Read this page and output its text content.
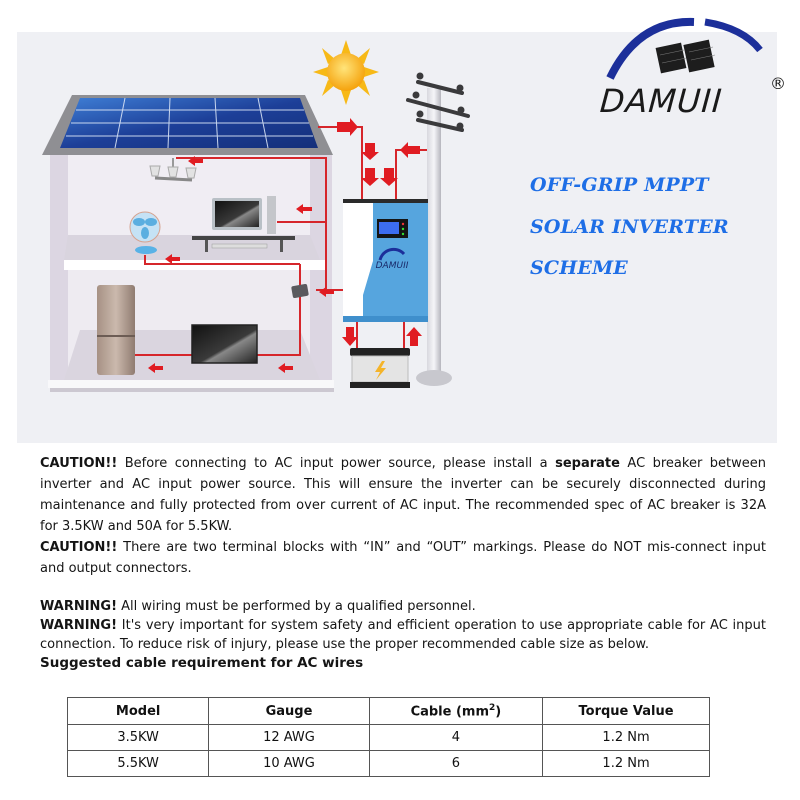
DAMUII
DAMUII	®
OFF-GRIP MPPT
SOLAR INVERTER
SCHEME

CAUTION!! Before connecting to AC input power source, please install a separate AC breaker between inverter and AC input power source. This will ensure the inverter can be securely disconnected during maintenance and fully protected from over current of AC input. The recommended spec of AC breaker is 32A for 3.5KW and 50A for 5.5KW.

CAUTION!! There are two terminal blocks with “IN” and “OUT” markings. Please do NOT mis-connect input and output connectors.

WARNING! All wiring must be performed by a qualified personnel.

WARNING! It's very important for system safety and efficient operation to use appropriate cable for AC input connection. To reduce risk of injury, please use the proper recommended cable size as below.

Suggested cable requirement for AC wires

Model	Gauge	Cable $(mm^2)$	Torque Value
3.5KW	12 AWG	4	1.2 Nm
5.5KW	10 AWG	6	1.2 Nm
